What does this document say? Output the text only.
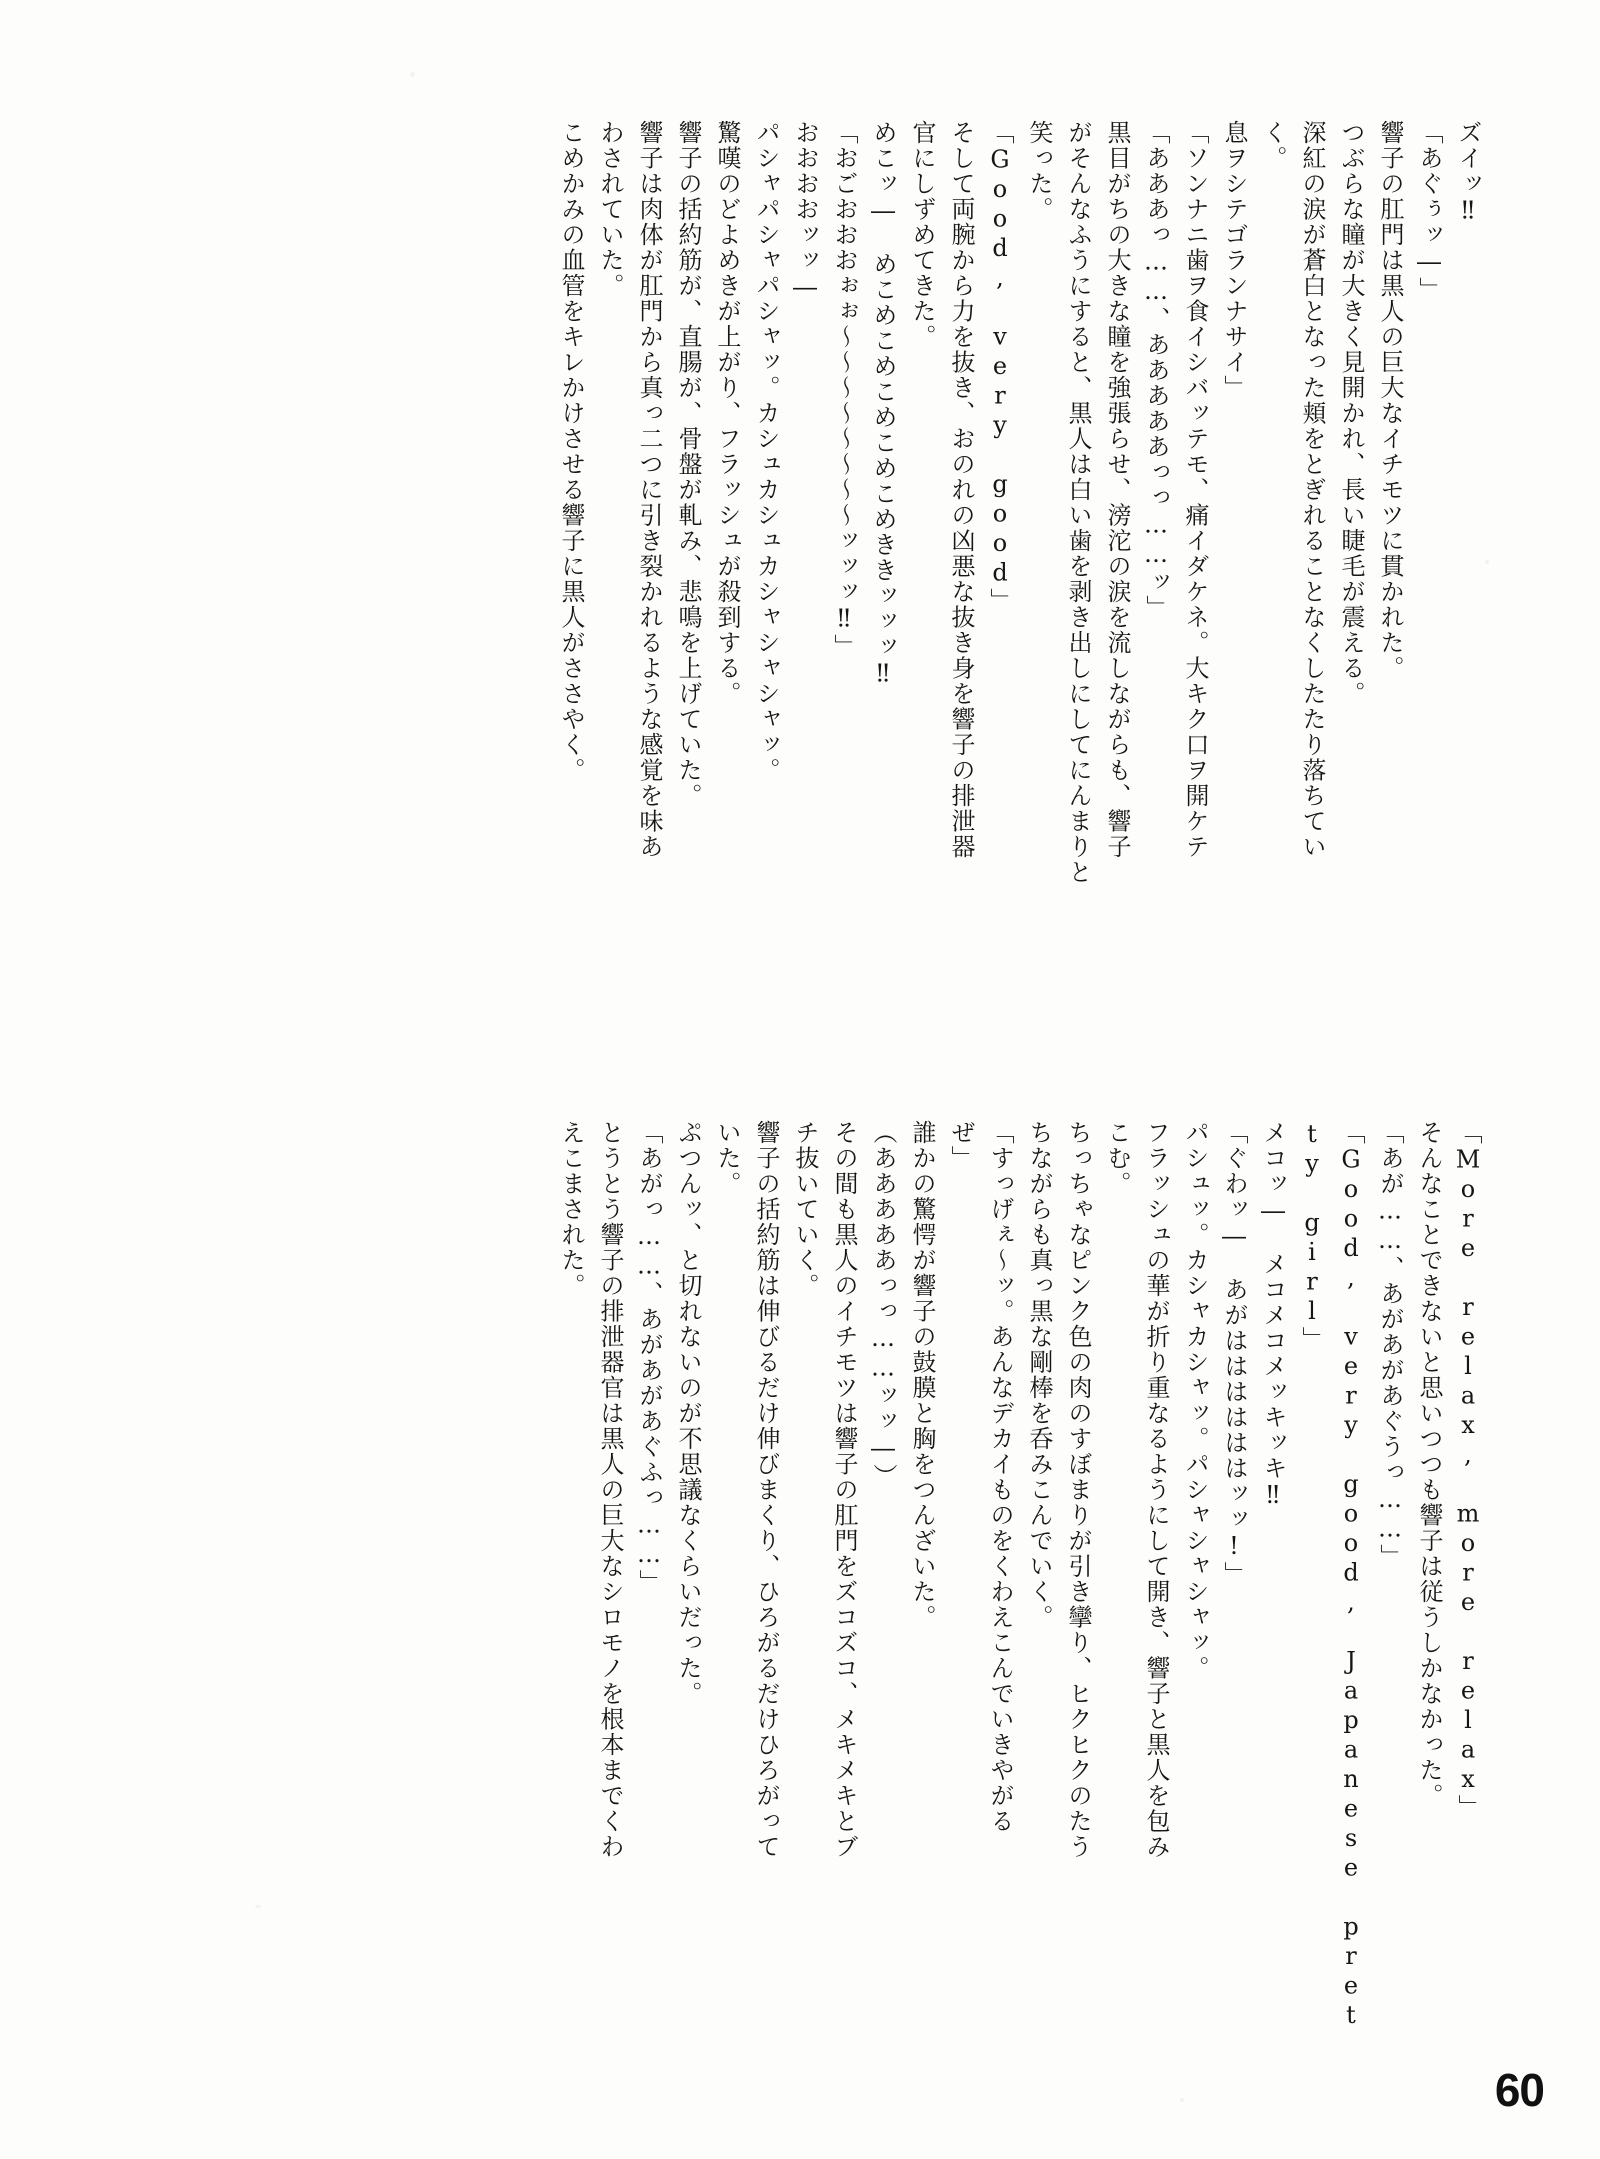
ズイッ‼
「あぐぅッ―」
響子の肛門は黒人の巨大なイチモツに貫かれた。
つぶらな瞳が大きく見開かれ、長い睫毛が震える。
深紅の涙が蒼白となった頬をとぎれることなくしたたり落ちてい
く。
息ヲシテゴランナサイ」
「ソンナニ歯ヲ食イシバッテモ、痛イダケネ。大キク口ヲ開ケテ
「あああっ……、あああああっっ……ッ」
黒目がちの大きな瞳を強張らせ、滂沱の涙を流しながらも、響子
がそんなふうにすると、黒人は白い歯を剥き出しにしてにんまりと
笑った。
「Good, very good」
そして両腕から力を抜き、おのれの凶悪な抜き身を響子の排泄器
官にしずめてきた。
めこッ―　めこめこめこめこめこめききッッッ‼
「おごおおおぉぉ～～～～～～～～ッッッ‼」
おおおおッッ―
パシャパシャパシャッ。カシュカシュカシャシャシャッ。
驚嘆のどよめきが上がり、フラッシュが殺到する。
響子の括約筋が、直腸が、骨盤が軋み、悲鳴を上げていた。
響子は肉体が肛門から真っ二つに引き裂かれるような感覚を味あ
わされていた。
こめかみの血管をキレかけさせる響子に黒人がささやく。
「More relax, more relax」
そんなことできないと思いつつも響子は従うしかなかった。
「あが……、あがあがあぐうっ……」
「Good, very good, Japanese pret
ty girl」
メコッ―　メコメコメッキッキ‼
「ぐわッ―　あがははははははッッ!」
パシュッ。カシャカシャッ。パシャシャシャッ。
フラッシュの華が折り重なるようにして開き、響子と黒人を包み
こむ。
ちっちゃなピンク色の肉のすぼまりが引き攣り、ヒクヒクのたう
ちながらも真っ黒な剛棒を呑みこんでいく。
「すっげぇ～ッ。あんなデカイものをくわえこんでいきやがる
ぜ」
誰かの驚愕が響子の鼓膜と胸をつんざいた。
（あああああっっ……ッッ―）
その間も黒人のイチモツは響子の肛門をズコズコ、メキメキとブ
チ抜いていく。
響子の括約筋は伸びるだけ伸びまくり、ひろがるだけひろがって
いた。
ぷつんッ、と切れないのが不思議なくらいだった。
「あがっ……、あがあがあぐふっ……」
とうとう響子の排泄器官は黒人の巨大なシロモノを根本までくわ
えこまされた。
60
